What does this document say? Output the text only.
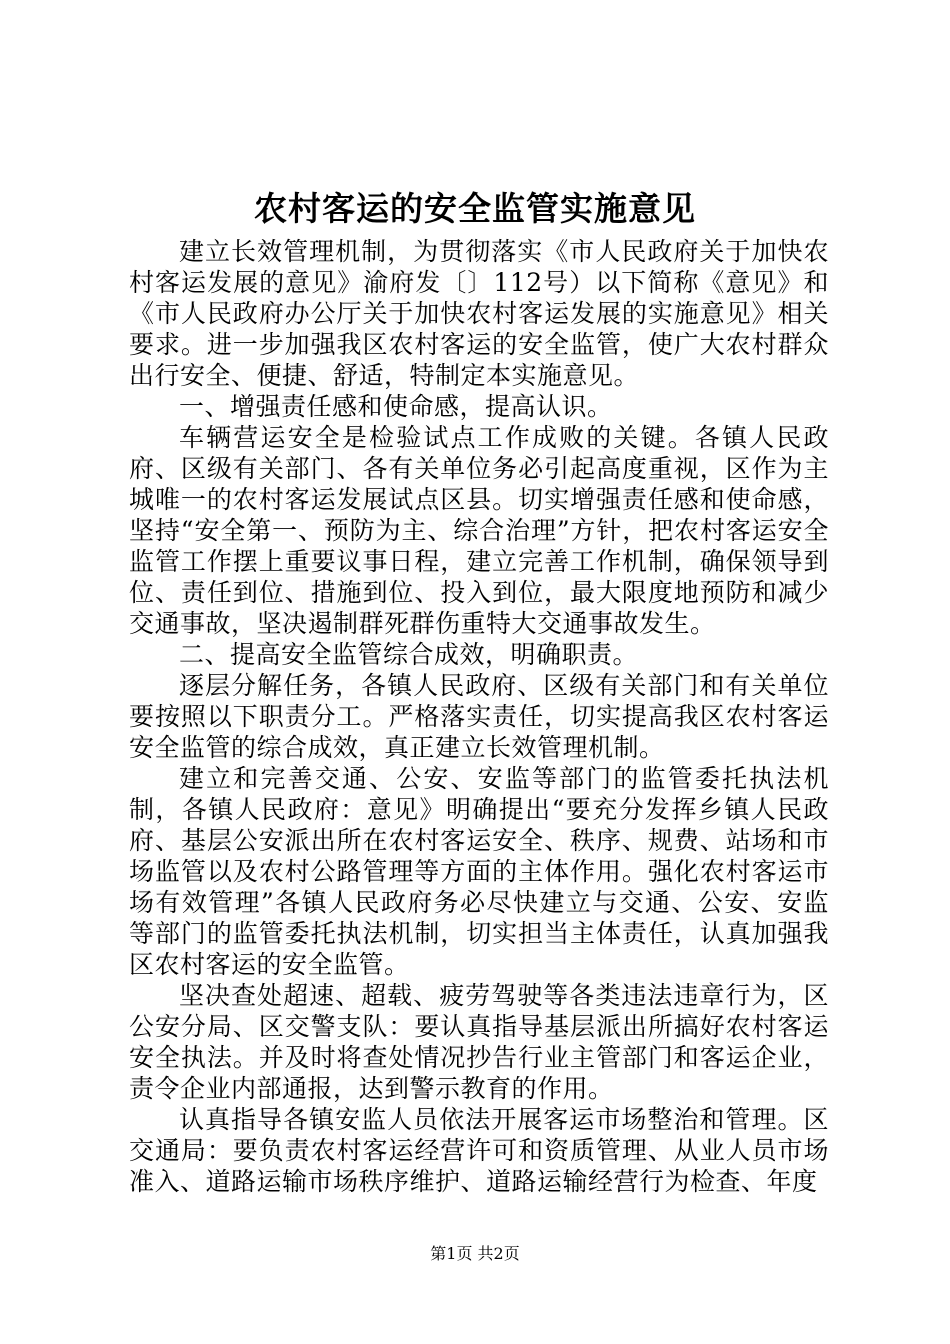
农村客运的安全监管实施意见

建立长效管理机制，为贯彻落实《市人民政府关于加快农村客运发展的意见》渝府发〔〕112号）以下简称《意见》和《市人民政府办公厅关于加快农村客运发展的实施意见》相关要求。进一步加强我区农村客运的安全监管，使广大农村群众出行安全、便捷、舒适，特制定本实施意见。

一、增强责任感和使命感，提高认识。

车辆营运安全是检验试点工作成败的关键。各镇人民政府、区级有关部门、各有关单位务必引起高度重视，区作为主城唯一的农村客运发展试点区县。切实增强责任感和使命感，坚持“安全第一、预防为主、综合治理”方针，把农村客运安全监管工作摆上重要议事日程，建立完善工作机制，确保领导到位、责任到位、措施到位、投入到位，最大限度地预防和减少交通事故，坚决遏制群死群伤重特大交通事故发生。

二、提高安全监管综合成效，明确职责。

逐层分解任务，各镇人民政府、区级有关部门和有关单位要按照以下职责分工。严格落实责任，切实提高我区农村客运安全监管的综合成效，真正建立长效管理机制。

建立和完善交通、公安、安监等部门的监管委托执法机制，各镇人民政府：意见》明确提出“要充分发挥乡镇人民政府、基层公安派出所在农村客运安全、秩序、规费、站场和市场监管以及农村公路管理等方面的主体作用。强化农村客运市场有效管理”各镇人民政府务必尽快建立与交通、公安、安监等部门的监管委托执法机制，切实担当主体责任，认真加强我区农村客运的安全监管。

坚决查处超速、超载、疲劳驾驶等各类违法违章行为，区公安分局、区交警支队：要认真指导基层派出所搞好农村客运安全执法。并及时将查处情况抄告行业主管部门和客运企业，责令企业内部通报，达到警示教育的作用。

认真指导各镇安监人员依法开展客运市场整治和管理。区交通局：要负责农村客运经营许可和资质管理、从业人员市场准入、道路运输市场秩序维护、道路运输经营行为检查、年度

第1页 共2页
